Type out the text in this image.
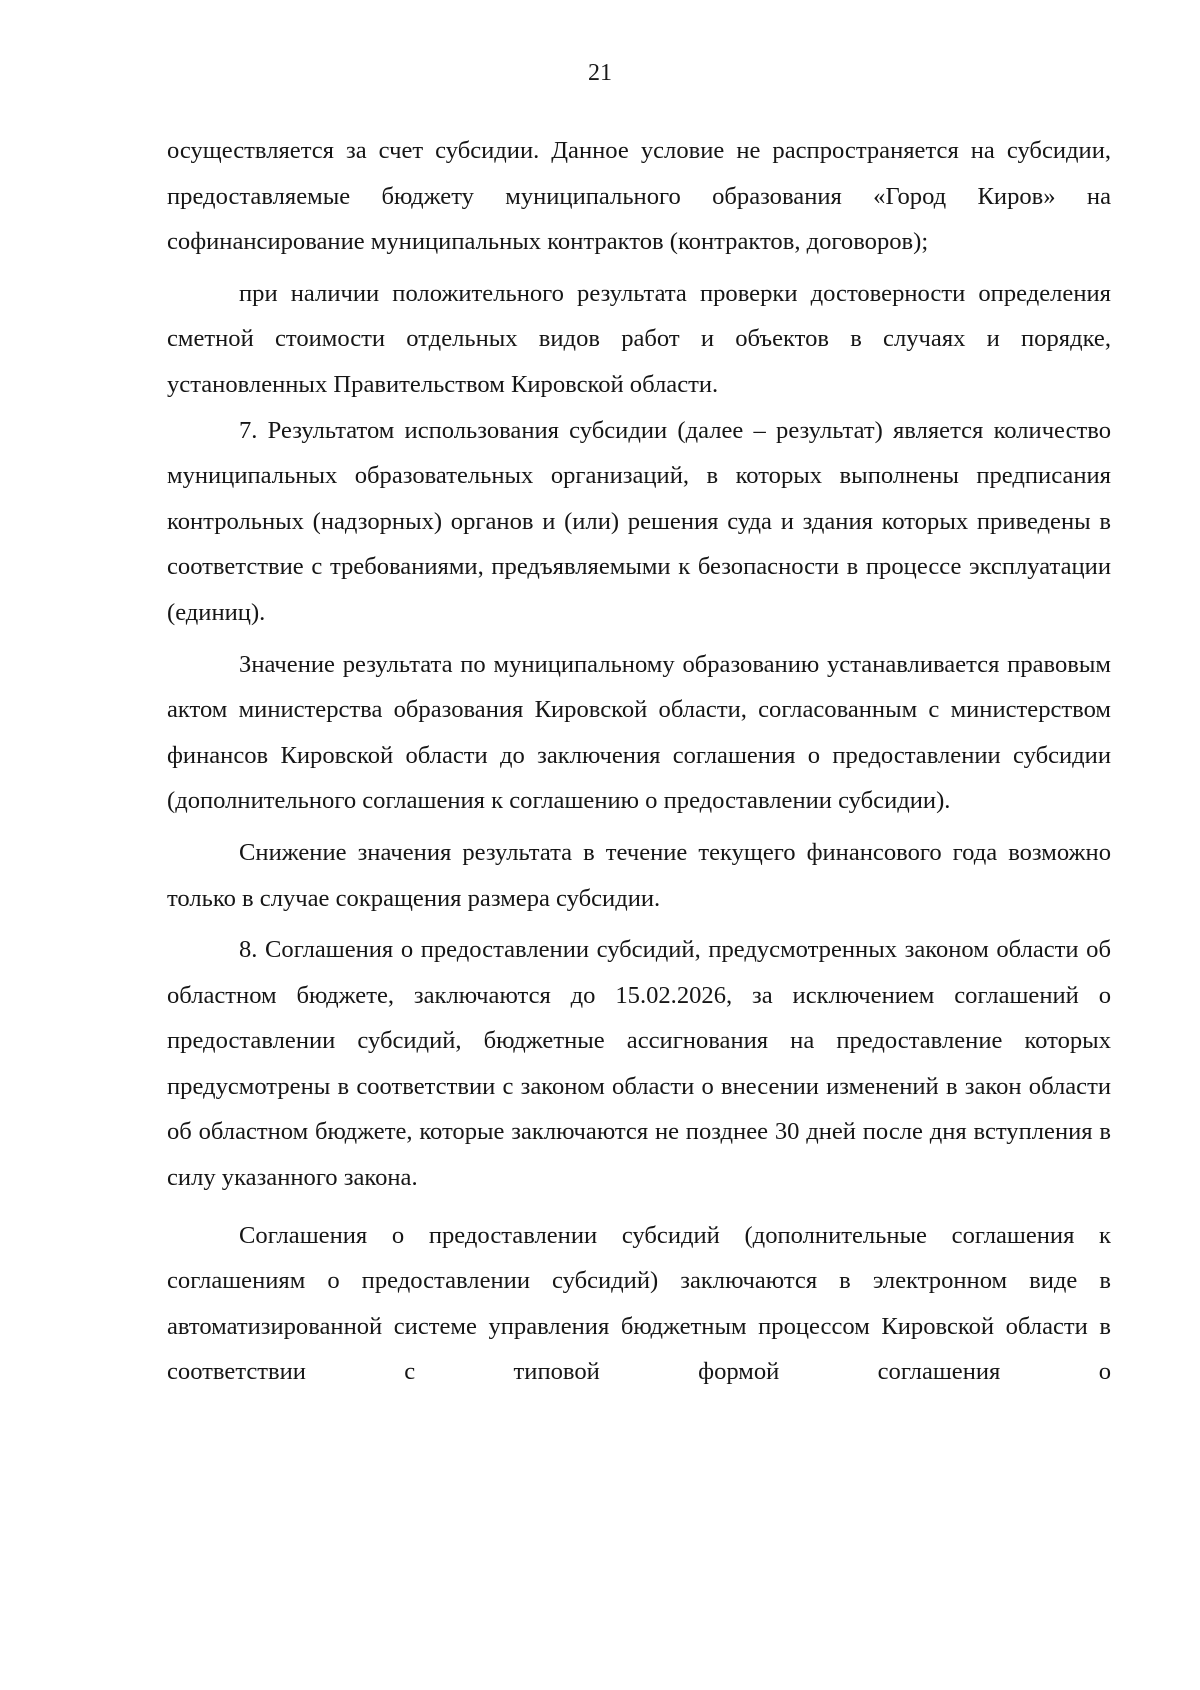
21

осуществляется за счет субсидии. Данное условие не распространяется на субсидии, предоставляемые бюджету муниципального образования «Город Киров» на софинансирование муниципальных контрактов (контрактов, договоров);

при наличии положительного результата проверки достоверности определения сметной стоимости отдельных видов работ и объектов в случаях и порядке, установленных Правительством Кировской области.

7. Результатом использования субсидии (далее – результат) является количество муниципальных образовательных организаций, в которых выполнены предписания контрольных (надзорных) органов и (или) решения суда и здания которых приведены в соответствие с требованиями, предъявляемыми к безопасности в процессе эксплуатации (единиц).

Значение результата по муниципальному образованию устанавливается правовым актом министерства образования Кировской области, согласованным с министерством финансов Кировской области до заключения соглашения о предоставлении субсидии (дополнительного соглашения к соглашению о предоставлении субсидии).

Снижение значения результата в течение текущего финансового года возможно только в случае сокращения размера субсидии.

8. Соглашения о предоставлении субсидий, предусмотренных законом области об областном бюджете, заключаются до 15.02.2026, за исключением соглашений о предоставлении субсидий, бюджетные ассигнования на предоставление которых предусмотрены в соответствии с законом области о внесении изменений в закон области об областном бюджете, которые заключаются не позднее 30 дней после дня вступления в силу указанного закона.

Соглашения о предоставлении субсидий (дополнительные соглашения к соглашениям о предоставлении субсидий) заключаются в электронном виде в автоматизированной системе управления бюджетным процессом Кировской области в соответствии с типовой формой соглашения о
